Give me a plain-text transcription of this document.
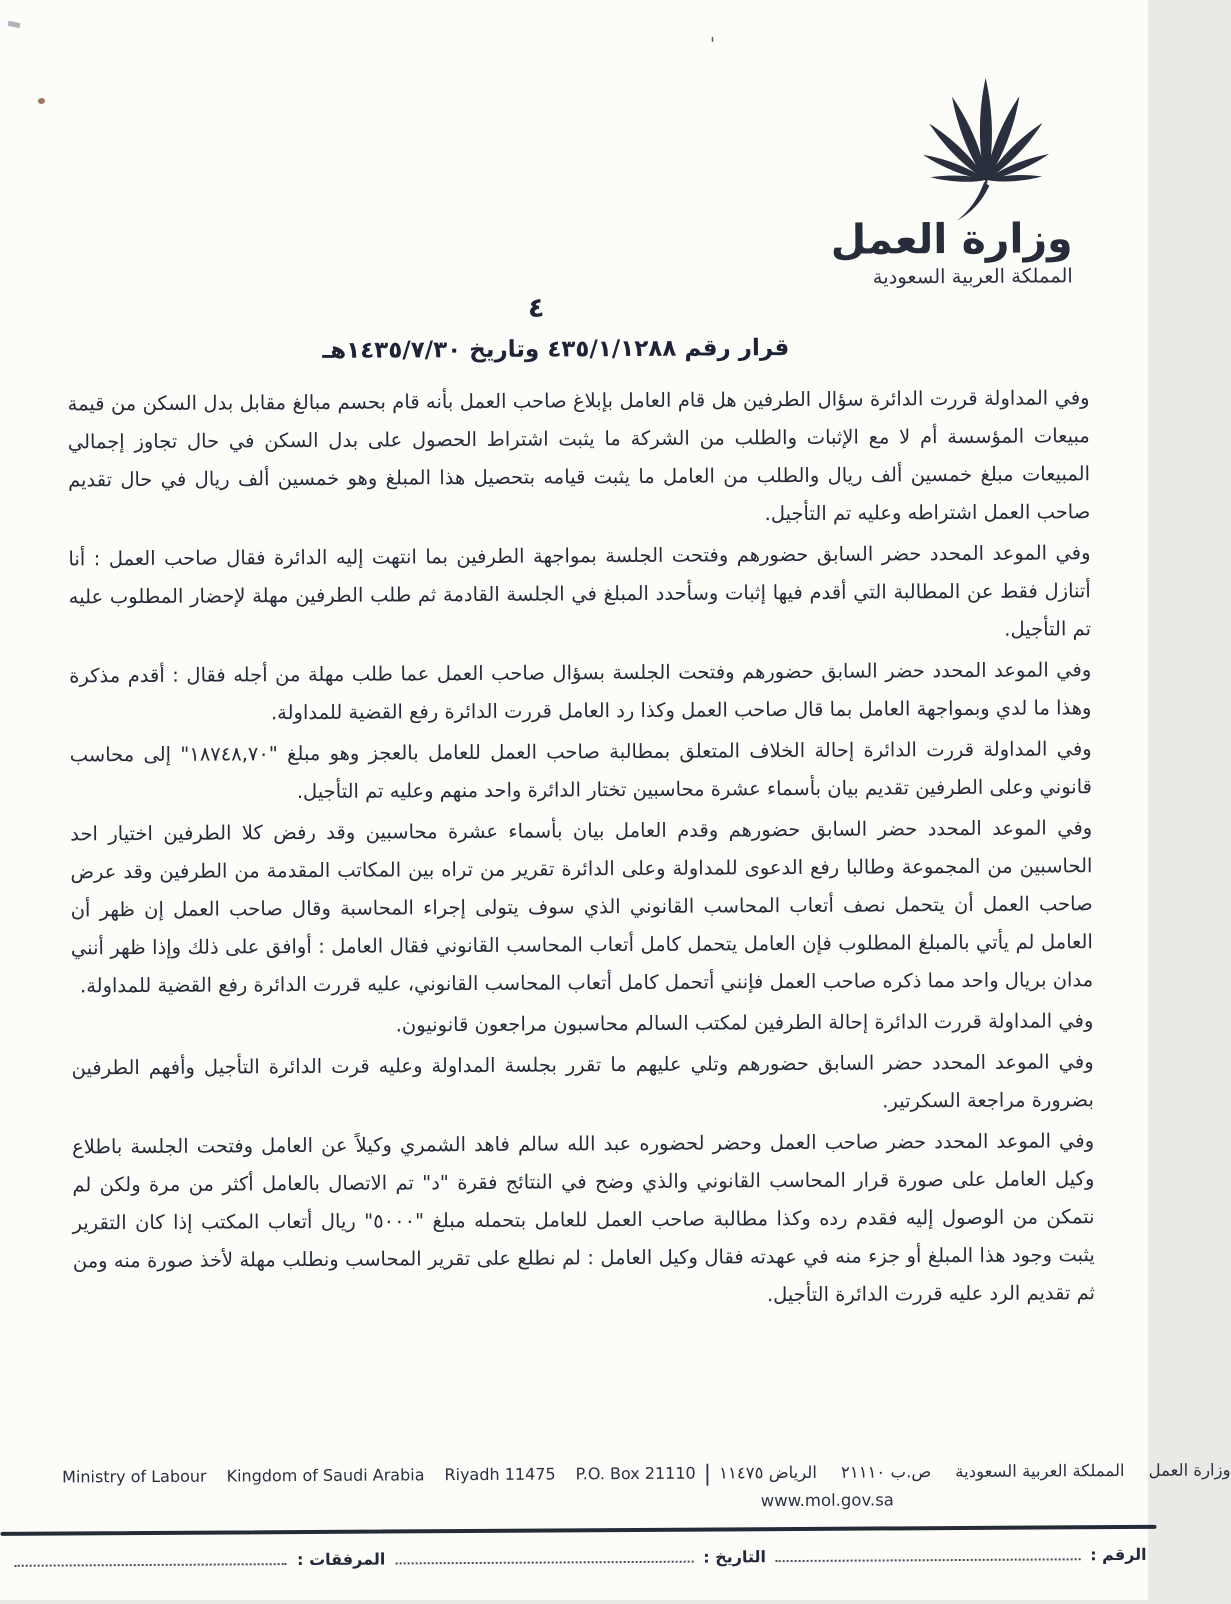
'
وزارة العمل
المملكة العربية السعودية
٤
قرار رقم ٤٣٥/١/١٢٨٨ وتاريخ ١٤٣٥/٧/٣٠هـ

وفي المداولة قررت الدائرة سؤال الطرفين هل قام العامل بإبلاغ صاحب العمل بأنه قام بحسم مبالغ مقابل بدل السكن من قيمة مبيعات المؤسسة أم لا مع الإثبات والطلب من الشركة ما يثبت اشتراط الحصول على بدل السكن في حال تجاوز إجمالي المبيعات مبلغ خمسين ألف ريال والطلب من العامل ما يثبت قيامه بتحصيل هذا المبلغ وهو خمسين ألف ريال في حال تقديم صاحب العمل اشتراطه وعليه تم التأجيل.

وفي الموعد المحدد حضر السابق حضورهم وفتحت الجلسة بمواجهة الطرفين بما انتهت إليه الدائرة فقال صاحب العمل : أنا أتنازل فقط عن المطالبة التي أقدم فيها إثبات وسأحدد المبلغ في الجلسة القادمة ثم طلب الطرفين مهلة لإحضار المطلوب عليه تم التأجيل.

وفي الموعد المحدد حضر السابق حضورهم وفتحت الجلسة بسؤال صاحب العمل عما طلب مهلة من أجله فقال : أقدم مذكرة وهذا ما لدي وبمواجهة العامل بما قال صاحب العمل وكذا رد العامل قررت الدائرة رفع القضية للمداولة.

وفي المداولة قررت الدائرة إحالة الخلاف المتعلق بمطالبة صاحب العمل للعامل بالعجز وهو مبلغ "١٨٧٤٨,٧٠" إلى محاسب قانوني وعلى الطرفين تقديم بيان بأسماء عشرة محاسبين تختار الدائرة واحد منهم وعليه تم التأجيل.

وفي الموعد المحدد حضر السابق حضورهم وقدم العامل بيان بأسماء عشرة محاسبين وقد رفض كلا الطرفين اختيار احد الحاسبين من المجموعة وطالبا رفع الدعوى للمداولة وعلى الدائرة تقرير من تراه بين المكاتب المقدمة من الطرفين وقد عرض صاحب العمل أن يتحمل نصف أتعاب المحاسب القانوني الذي سوف يتولى إجراء المحاسبة وقال صاحب العمل إن ظهر أن العامل لم يأتي بالمبلغ المطلوب فإن العامل يتحمل كامل أتعاب المحاسب القانوني فقال العامل : أوافق على ذلك وإذا ظهر أنني مدان بريال واحد مما ذكره صاحب العمل فإنني أتحمل كامل أتعاب المحاسب القانوني، عليه قررت الدائرة رفع القضية للمداولة.

وفي المداولة قررت الدائرة إحالة الطرفين لمكتب السالم محاسبون مراجعون قانونيون.

وفي الموعد المحدد حضر السابق حضورهم وتلي عليهم ما تقرر بجلسة المداولة وعليه قرت الدائرة التأجيل وأفهم الطرفين بضرورة مراجعة السكرتير.

وفي الموعد المحدد حضر صاحب العمل وحضر لحضوره عبد الله سالم فاهد الشمري وكيلاً عن العامل وفتحت الجلسة باطلاع وكيل العامل على صورة قرار المحاسب القانوني والذي وضح في النتائج فقرة "د" تم الاتصال بالعامل أكثر من مرة ولكن لم نتمكن من الوصول إليه فقدم رده وكذا مطالبة صاحب العمل للعامل بتحمله مبلغ "٥٠٠٠" ريال أتعاب المكتب إذا كان التقرير يثبت وجود هذا المبلغ أو جزء منه في عهدته فقال وكيل العامل : لم نطلع على تقرير المحاسب ونطلب مهلة لأخذ صورة منه ومن ثم تقديم الرد عليه قررت الدائرة التأجيل.

Ministry of Labour Kingdom of Saudi Arabia Riyadh 11475 P.O. Box 21110 |	وزارة العمل
المملكة العربية السعودية
ص.ب ٢١١١٠
الرياض ١١٤٧٥
www.mol.gov.sa
الرقم :
التاريخ :
المرفقات :
